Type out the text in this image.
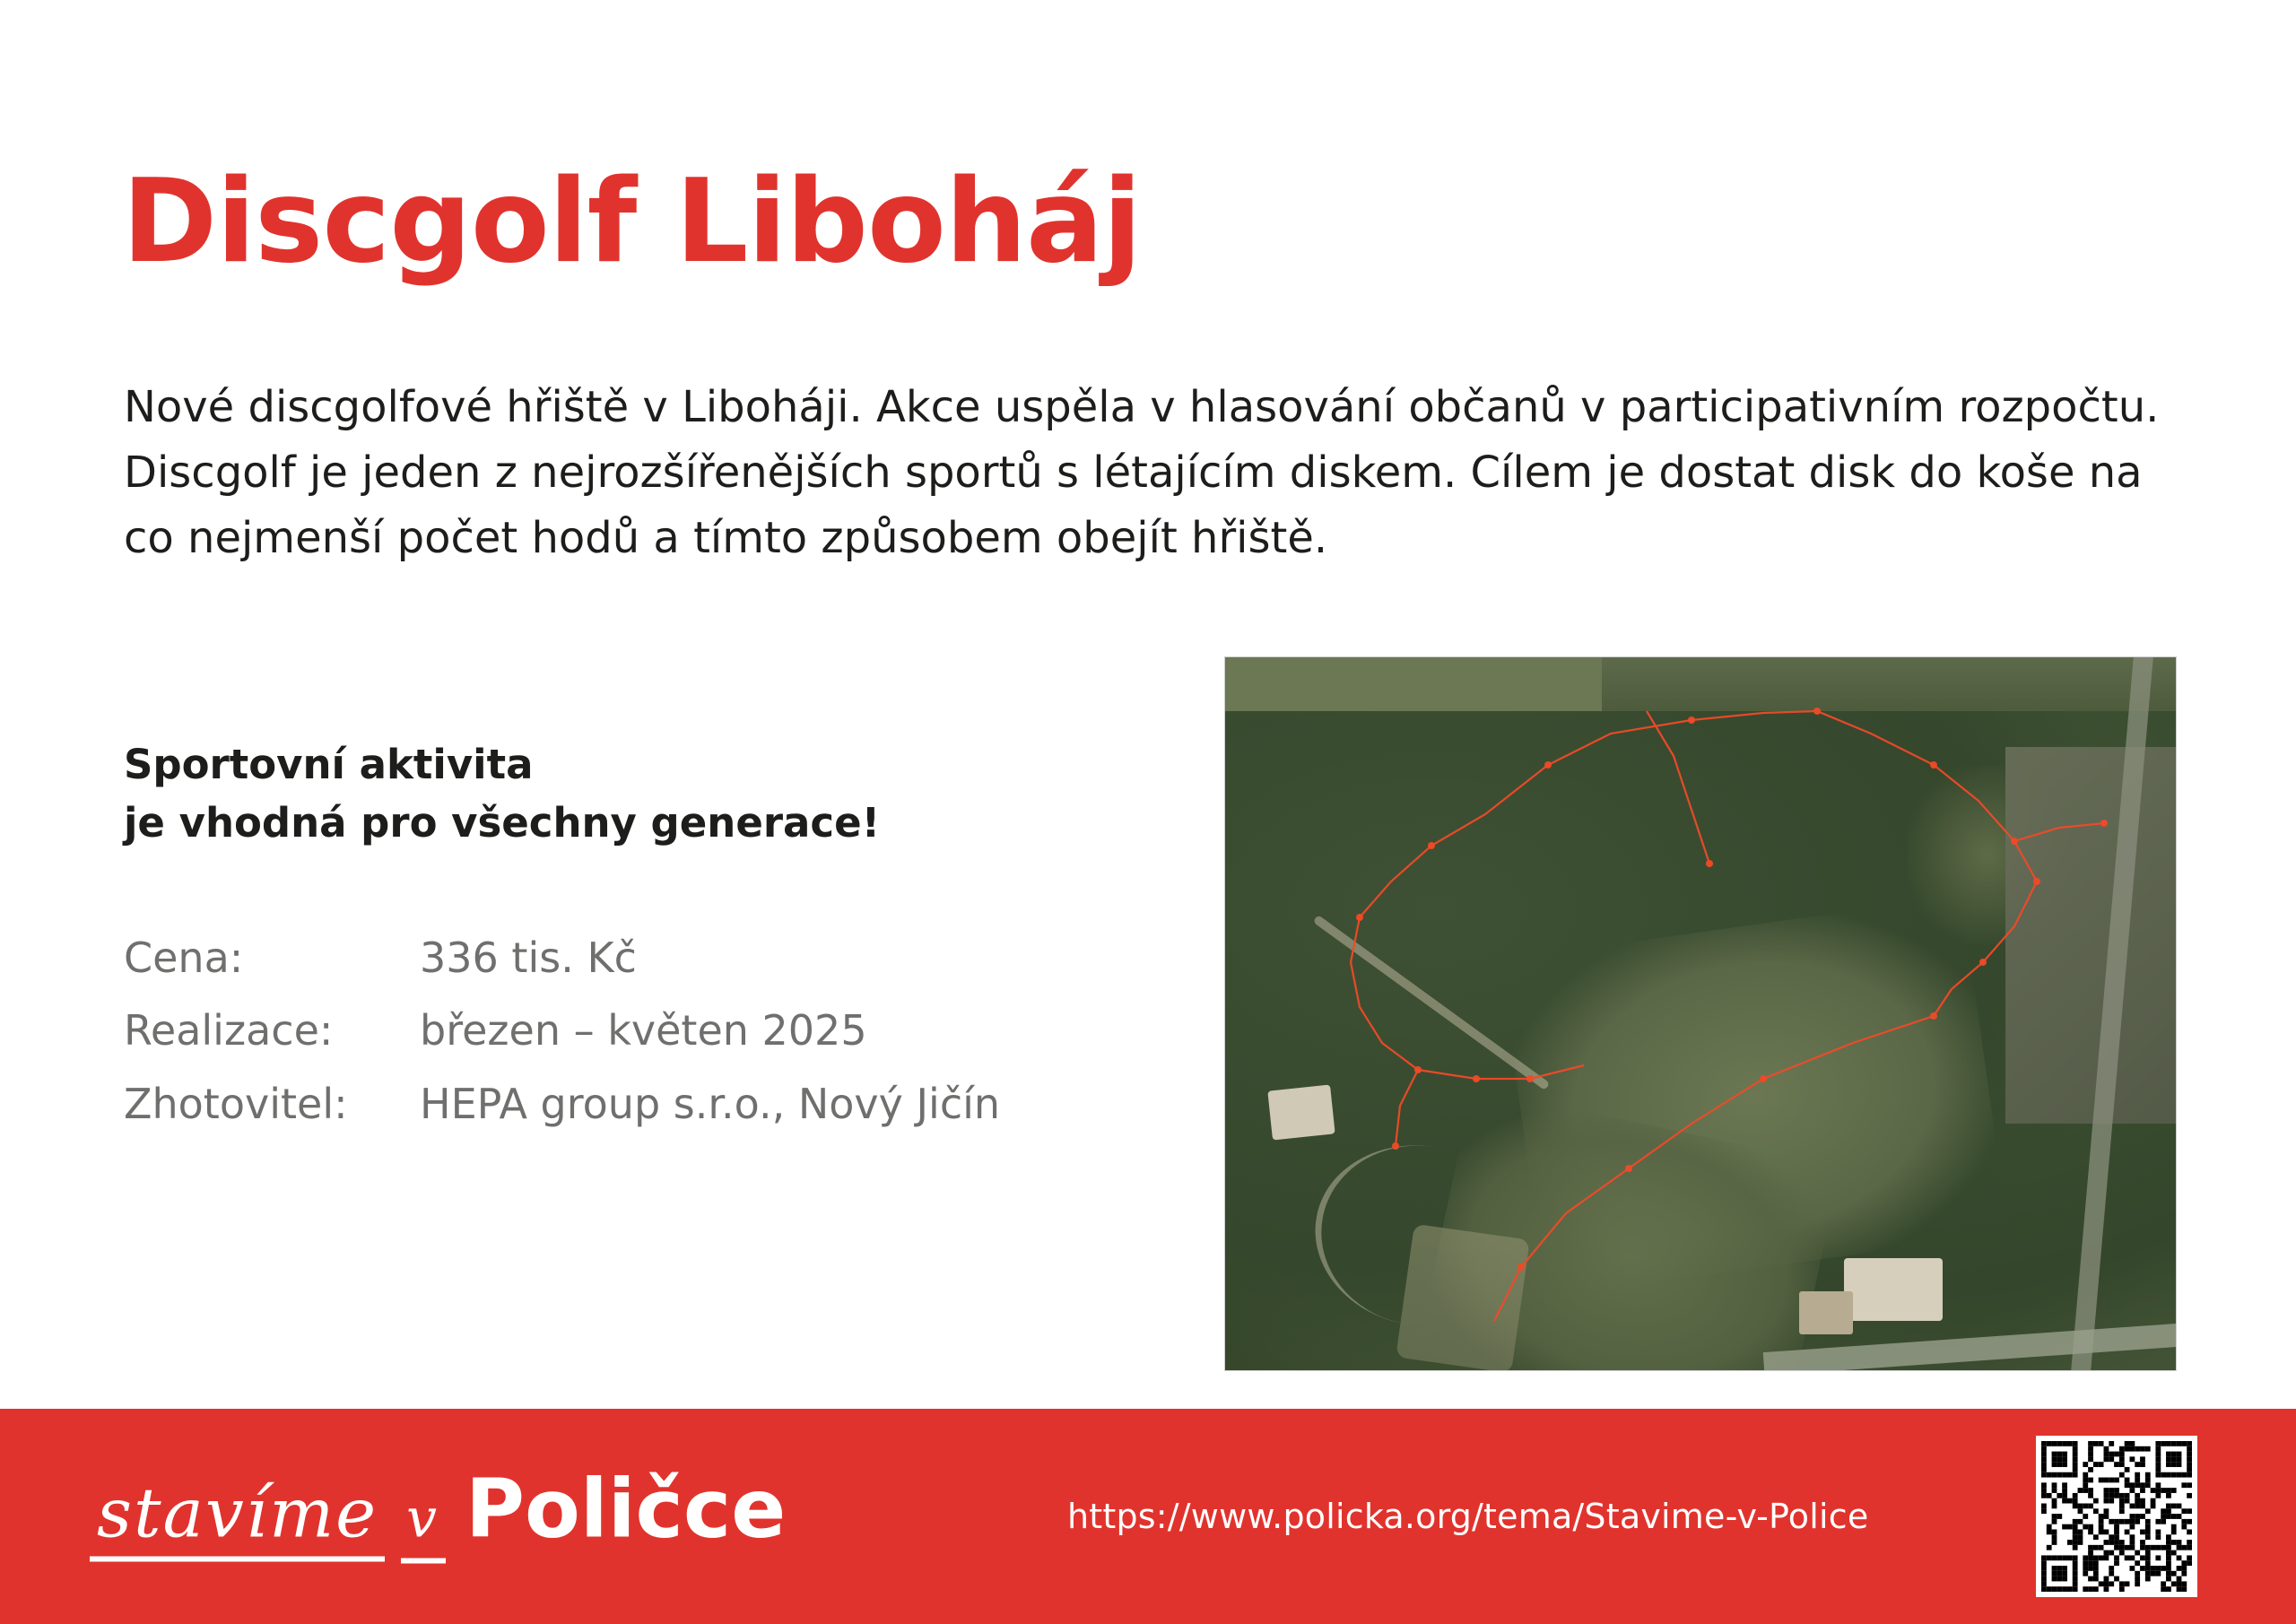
Discgolf Liboháj

Nové discgolfové hřiště v Liboháji. Akce uspěla v hlasování občanů v participativním rozpočtu. Discgolf je jeden z nejrozšířenějších sportů s létajícím diskem. Cílem je dostat disk do koše na co nejmenší počet hodů a tímto způsobem obejít hřiště.

Sportovní aktivita
je vhodná pro všechny generace!
Cena:	336 tis. Kč
Realizace:	březen – květen 2025
Zhotovitel:	HEPA group s.r.o., Nový Jičín
stavíme v Poličce	https://www.policka.org/tema/Stavime-v-Police
